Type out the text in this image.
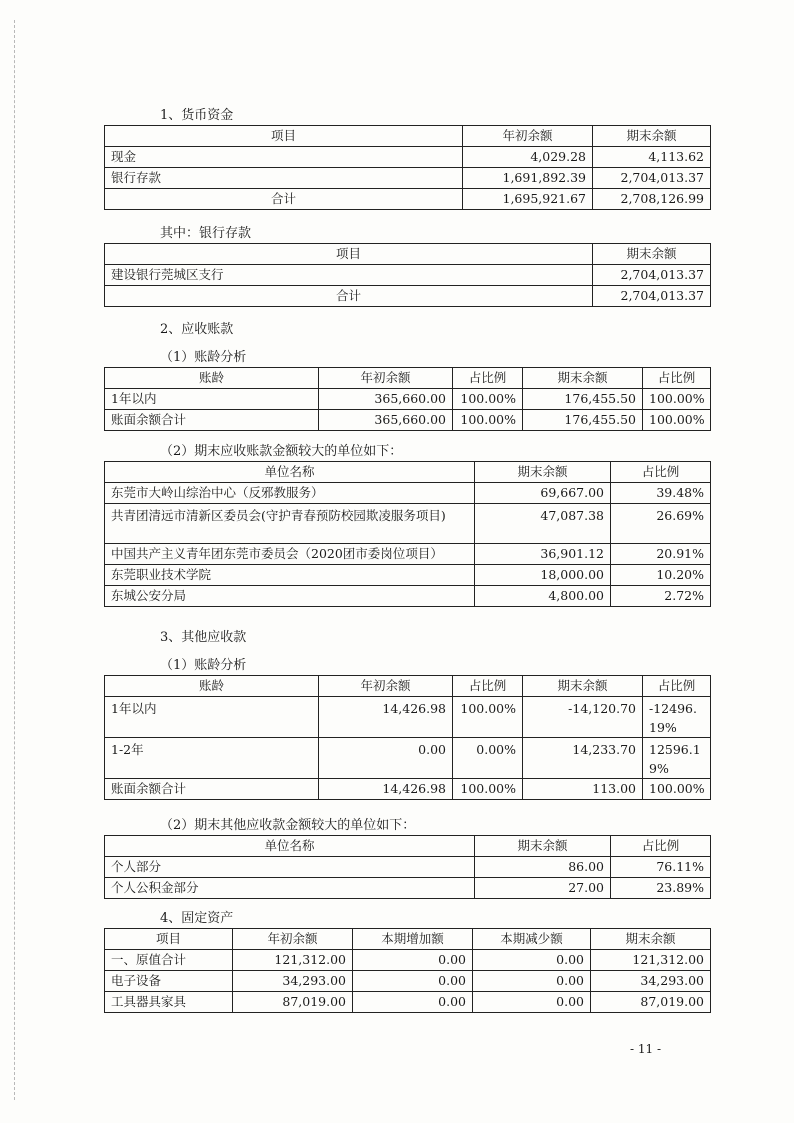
1、货币资金
项目	年初余额	期末余额
现金	4,029.28	4,113.62
银行存款	1,691,892.39	2,704,013.37
合计	1,695,921.67	2,708,126.99
其中：银行存款
项目	期末余额
建设银行莞城区支行	2,704,013.37
合计	2,704,013.37
2、应收账款
（1）账龄分析
账龄	年初余额	占比例	期末余额	占比例
1年以内	365,660.00	100.00%	176,455.50	100.00%
账面余额合计	365,660.00	100.00%	176,455.50	100.00%
（2）期末应收账款金额较大的单位如下：
单位名称	期末余额	占比例
东莞市大岭山综治中心（反邪教服务）	69,667.00	39.48%
共青团清远市清新区委员会(守护青春预防校园欺凌服务项目)	47,087.38	26.69%
中国共产主义青年团东莞市委员会（2020团市委岗位项目）	36,901.12	20.91%
东莞职业技术学院	18,000.00	10.20%
东城公安分局	4,800.00	2.72%
3、其他应收款
（1）账龄分析
账龄	年初余额	占比例	期末余额	占比例
1年以内	14,426.98	100.00%	-14,120.70	-12496.19%
1-2年	0.00	0.00%	14,233.70	12596.19%
账面余额合计	14,426.98	100.00%	113.00	100.00%
（2）期末其他应收款金额较大的单位如下：
单位名称	期末余额	占比例
个人部分	86.00	76.11%
个人公积金部分	27.00	23.89%
4、固定资产
项目	年初余额	本期增加额	本期减少额	期末余额
一、原值合计	121,312.00	0.00	0.00	121,312.00
电子设备	34,293.00	0.00	0.00	34,293.00
工具器具家具	87,019.00	0.00	0.00	87,019.00
- 11 -
